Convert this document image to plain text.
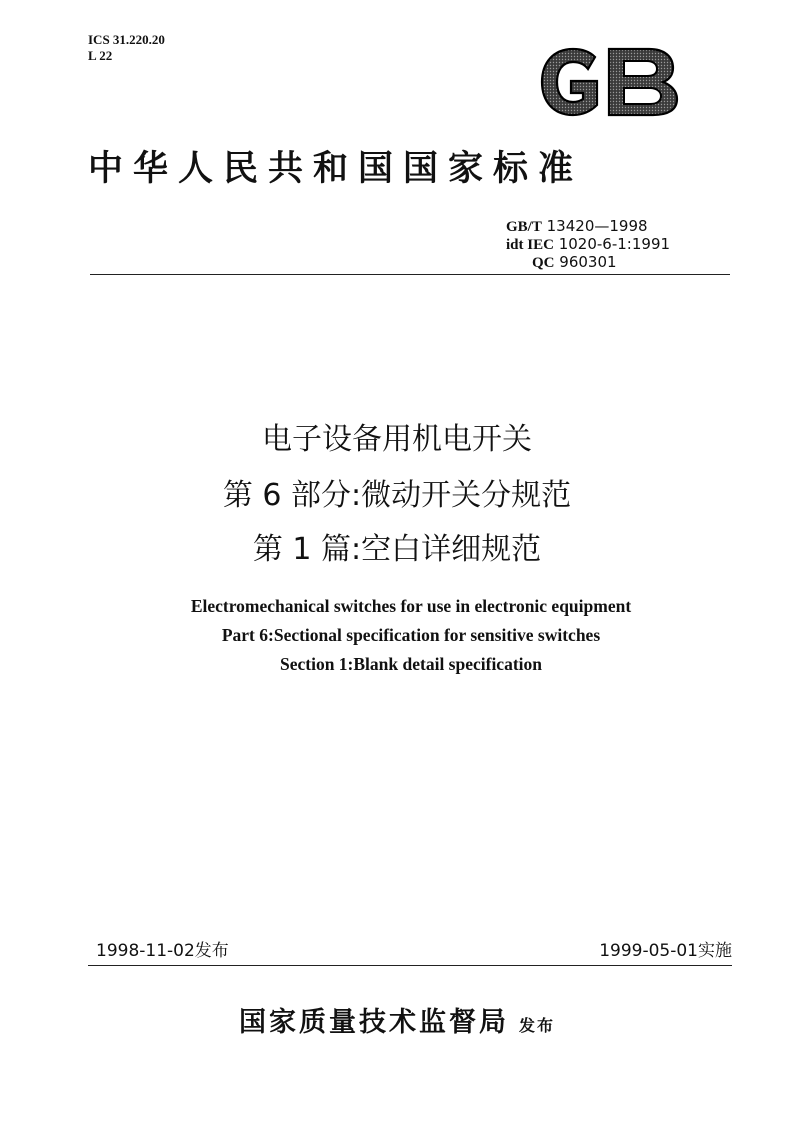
ICS 31.220.20
L 22
中华人民共和国国家标准
GB/T 13420—1998
idt IEC 1020-6-1:1991
QC 960301
电子设备用机电开关
第 6 部分:微动开关分规范
第 1 篇:空白详细规范
Electromechanical switches for use in electronic equipment
Part 6:Sectional specification for sensitive switches
Section 1:Blank detail specification
1998-11-02发布	1999-05-01实施
国家质量技术监督局 发布
